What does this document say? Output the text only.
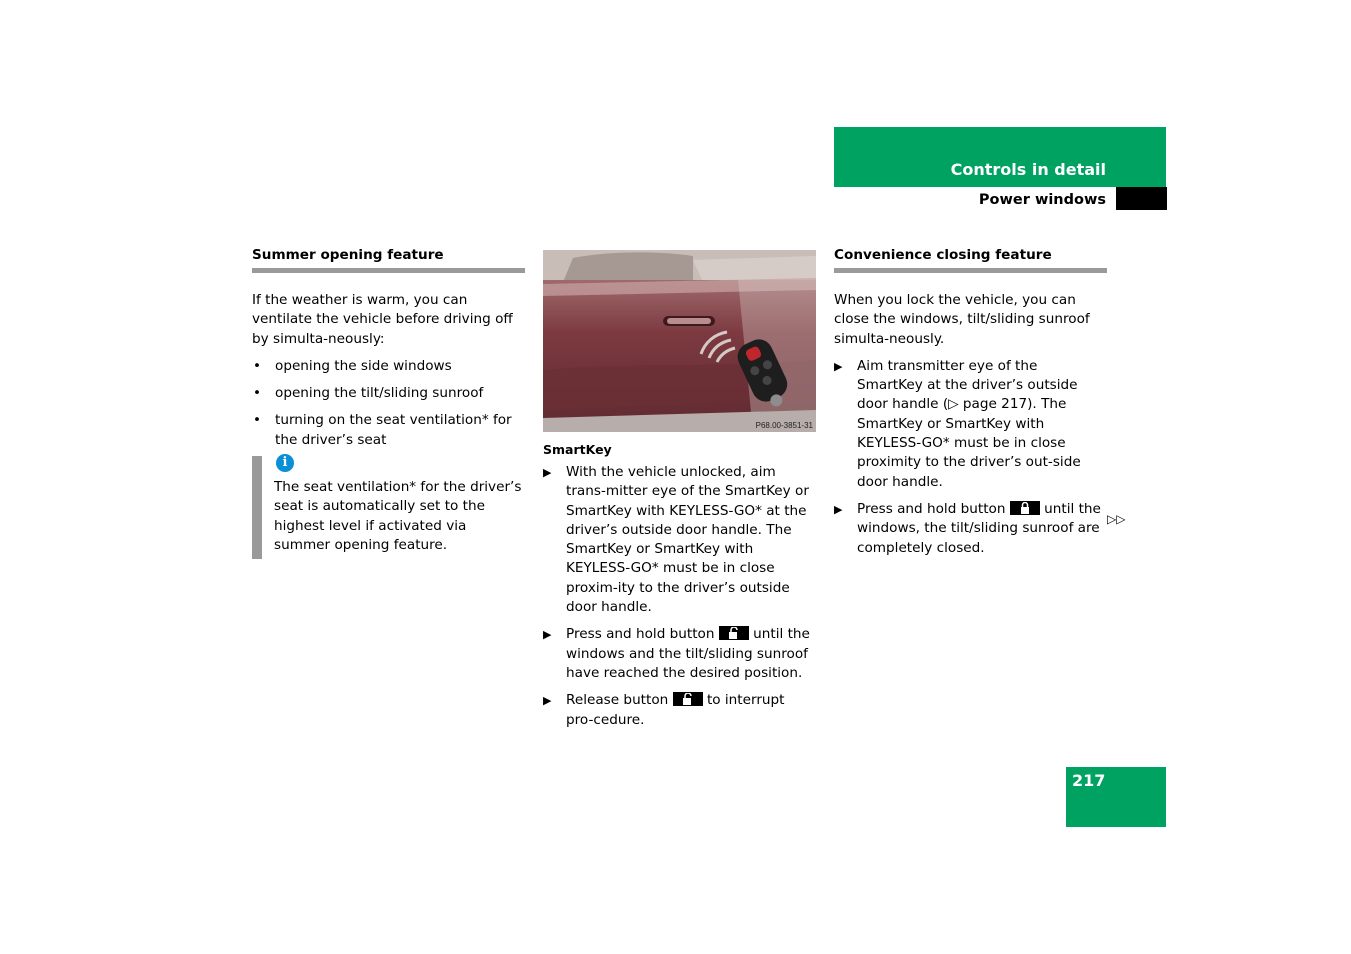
Controls in detail
Power windows
Summer opening feature

If the weather is warm, you can ventilate the vehicle before driving off by simulta-neously:

• opening the side windows
• opening the tilt/sliding sunroof
• turning on the seat ventilation* for the driver’s seat
i
The seat ventilation* for the driver’s seat is automatically set to the highest level if activated via summer opening feature.
P68.00-3851-31
SmartKey
▶ With the vehicle unlocked, aim trans-mitter eye of the SmartKey or SmartKey with KEYLESS-GO* at the driver’s outside door handle. The SmartKey or SmartKey with KEYLESS-GO* must be in close proxim-ity to the driver’s outside door handle.
▶ Press and hold button	until the windows and the tilt/sliding sunroof have reached the desired position.
▶ Release button	to interrupt pro-cedure.
Convenience closing feature

When you lock the vehicle, you can close the windows, tilt/sliding sunroof simulta-neously.

▶ Aim transmitter eye of the SmartKey at the driver’s outside door handle (▷ page 217). The SmartKey or SmartKey with KEYLESS-GO* must be in close proximity to the driver’s out-side door handle.
▶ Press and hold button	until the windows, the tilt/sliding sunroof are completely closed.
▷▷
217
